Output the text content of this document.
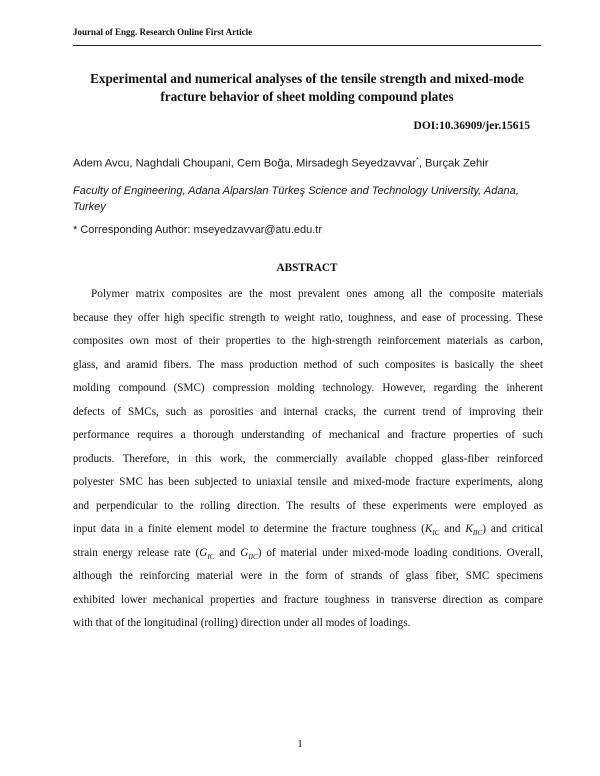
Journal of Engg. Research Online First Article
Experimental and numerical analyses of the tensile strength and mixed-mode
fracture behavior of sheet molding compound plates
DOI:10.36909/jer.15615
Adem Avcu, Naghdali Choupani, Cem Boğa, Mirsadegh Seyedzavvar*, Burçak Zehir
Faculty of Engineering, Adana Alparslan Türkeş Science and Technology University, Adana,
Turkey
* Corresponding Author: mseyedzavvar@atu.edu.tr
ABSTRACT
Polymer matrix composites are the most prevalent ones among all the composite materials
because they offer high specific strength to weight ratio, toughness, and ease of processing. These
composites own most of their properties to the high-strength reinforcement materials as carbon,
glass, and aramid fibers. The mass production method of such composites is basically the sheet
molding compound (SMC) compression molding technology. However, regarding the inherent
defects of SMCs, such as porosities and internal cracks, the current trend of improving their
performance requires a thorough understanding of mechanical and fracture properties of such
products. Therefore, in this work, the commercially available chopped glass-fiber reinforced
polyester SMC has been subjected to uniaxial tensile and mixed-mode fracture experiments, along
and perpendicular to the rolling direction. The results of these experiments were employed as
input data in a finite element model to determine the fracture toughness ($K_{IC}$ and $K_{IIC}$) and critical
strain energy release rate ($G_{IC}$ and $G_{IIC}$) of material under mixed-mode loading conditions. Overall,
although the reinforcing material were in the form of strands of glass fiber, SMC specimens
exhibited lower mechanical properties and fracture toughness in transverse direction as compare
with that of the longitudinal (rolling) direction under all modes of loadings.
1
